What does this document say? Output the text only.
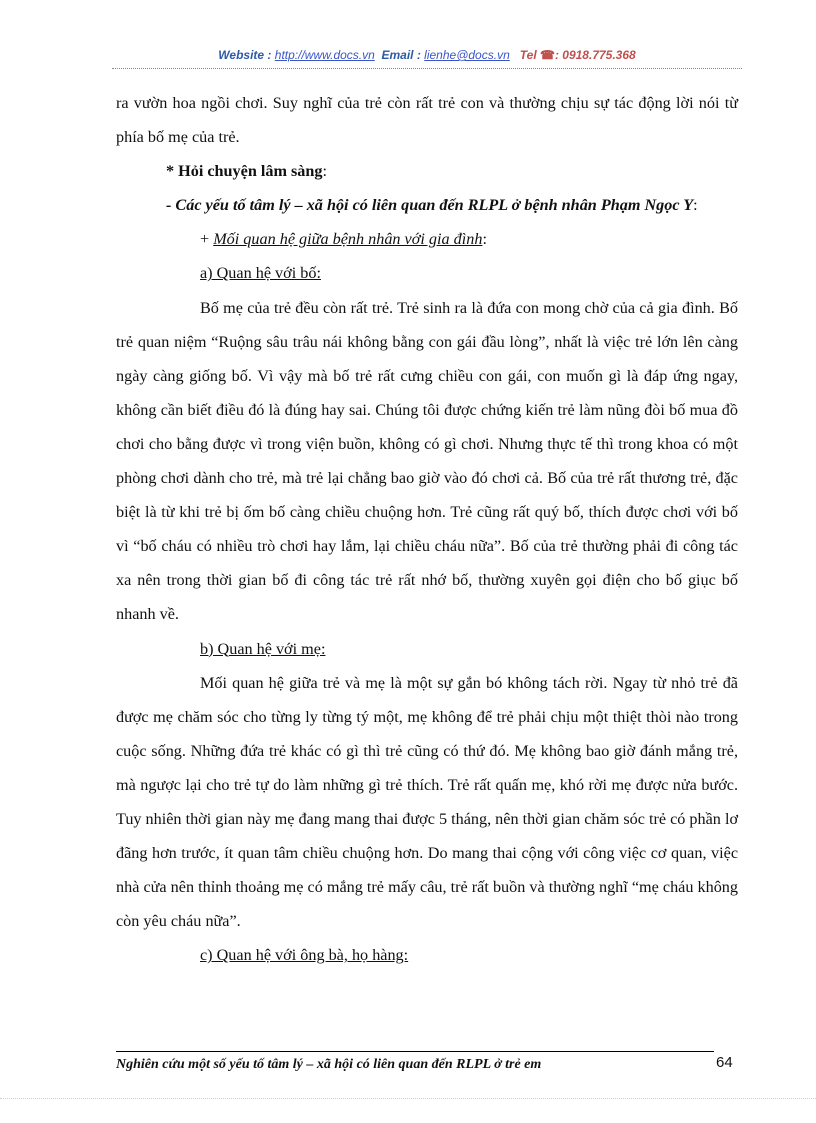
Website : http://www.docs.vn Email : lienhe@docs.vn Tel ☎: 0918.775.368

ra vườn hoa ngồi chơi. Suy nghĩ của trẻ còn rất trẻ con và thường chịu sự tác động lời nói từ phía bố mẹ của trẻ.

* Hỏi chuyện lâm sàng:

- Các yếu tố tâm lý – xã hội có liên quan đến RLPL ở bệnh nhân Phạm Ngọc Y:

+ Mối quan hệ giữa bệnh nhân với gia đình:

a) Quan hệ với bố:

Bố mẹ của trẻ đều còn rất trẻ. Trẻ sinh ra là đứa con mong chờ của cả gia đình. Bố trẻ quan niệm “Ruộng sâu trâu nái không bằng con gái đầu lòng”, nhất là việc trẻ lớn lên càng ngày càng giống bố. Vì vậy mà bố trẻ rất cưng chiều con gái, con muốn gì là đáp ứng ngay, không cần biết điều đó là đúng hay sai. Chúng tôi được chứng kiến trẻ làm nũng đòi bố mua đồ chơi cho bằng được vì trong viện buồn, không có gì chơi. Nhưng thực tế thì trong khoa có một phòng chơi dành cho trẻ, mà trẻ lại chẳng bao giờ vào đó chơi cả. Bố của trẻ rất thương trẻ, đặc biệt là từ khi trẻ bị ốm bố càng chiều chuộng hơn. Trẻ cũng rất quý bố, thích được chơi với bố vì “bố cháu có nhiều trò chơi hay lắm, lại chiều cháu nữa”. Bố của trẻ thường phải đi công tác xa nên trong thời gian bố đi công tác trẻ rất nhớ bố, thường xuyên gọi điện cho bố giục bố nhanh về.

b) Quan hệ với mẹ:

Mối quan hệ giữa trẻ và mẹ là một sự gắn bó không tách rời. Ngay từ nhỏ trẻ đã được mẹ chăm sóc cho từng ly từng tý một, mẹ không để trẻ phải chịu một thiệt thòi nào trong cuộc sống. Những đứa trẻ khác có gì thì trẻ cũng có thứ đó. Mẹ không bao giờ đánh mắng trẻ, mà ngược lại cho trẻ tự do làm những gì trẻ thích. Trẻ rất quấn mẹ, khó rời mẹ được nửa bước. Tuy nhiên thời gian này mẹ đang mang thai được 5 tháng, nên thời gian chăm sóc trẻ có phần lơ đãng hơn trước, ít quan tâm chiều chuộng hơn. Do mang thai cộng với công việc cơ quan, việc nhà cửa nên thỉnh thoảng mẹ có mắng trẻ mấy câu, trẻ rất buồn và thường nghĩ “mẹ cháu không còn yêu cháu nữa”.

c) Quan hệ với ông bà, họ hàng:

Nghiên cứu một số yếu tố tâm lý – xã hội có liên quan đến RLPL ở trẻ em	64
